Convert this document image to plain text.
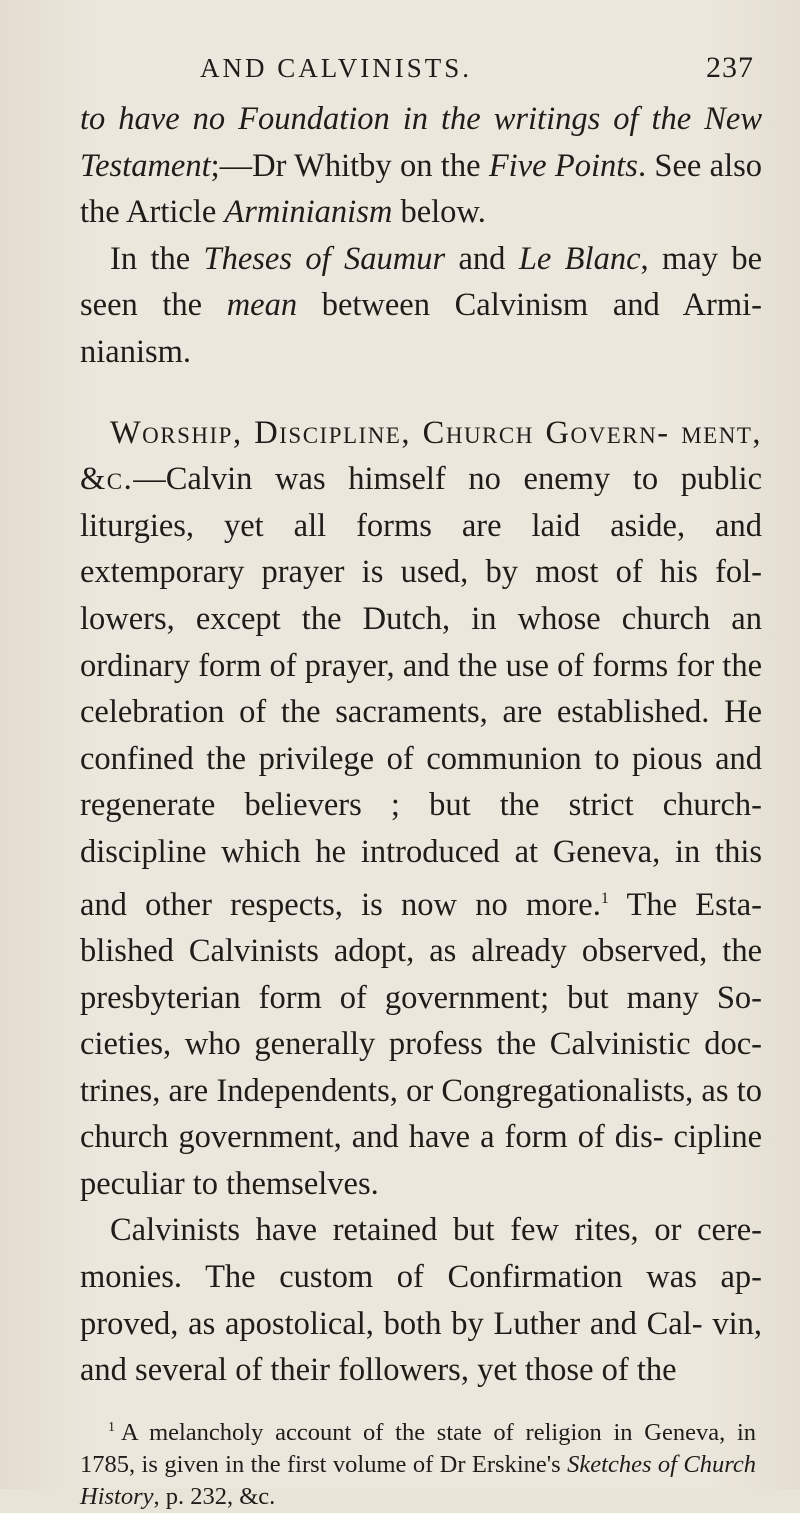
AND CALVINISTS.	237

to have no Foundation in the writings of the New Testament;—Dr Whitby on the Five Points. See also the Article Arminianism below.

In the Theses of Saumur and Le Blanc, may be seen the mean between Calvinism and Armi- nianism.

Worship, Discipline, Church Govern- ment, &c.—Calvin was himself no enemy to public liturgies, yet all forms are laid aside, and extemporary prayer is used, by most of his fol- lowers, except the Dutch, in whose church an ordinary form of prayer, and the use of forms for the celebration of the sacraments, are established. He confined the privilege of communion to pious and regenerate believers ; but the strict church- discipline which he introduced at Geneva, in this and other respects, is now no more.$^1$ The Esta- blished Calvinists adopt, as already observed, the presbyterian form of government; but many So- cieties, who generally profess the Calvinistic doc- trines, are Independents, or Congregationalists, as to church government, and have a form of dis- cipline peculiar to themselves.

Calvinists have retained but few rites, or cere- monies. The custom of Confirmation was ap- proved, as apostolical, both by Luther and Cal- vin, and several of their followers, yet those of the

$^1$ A melancholy account of the state of religion in Geneva, in 1785, is given in the first volume of Dr Erskine's Sketches of Church History, p. 232, &c.
